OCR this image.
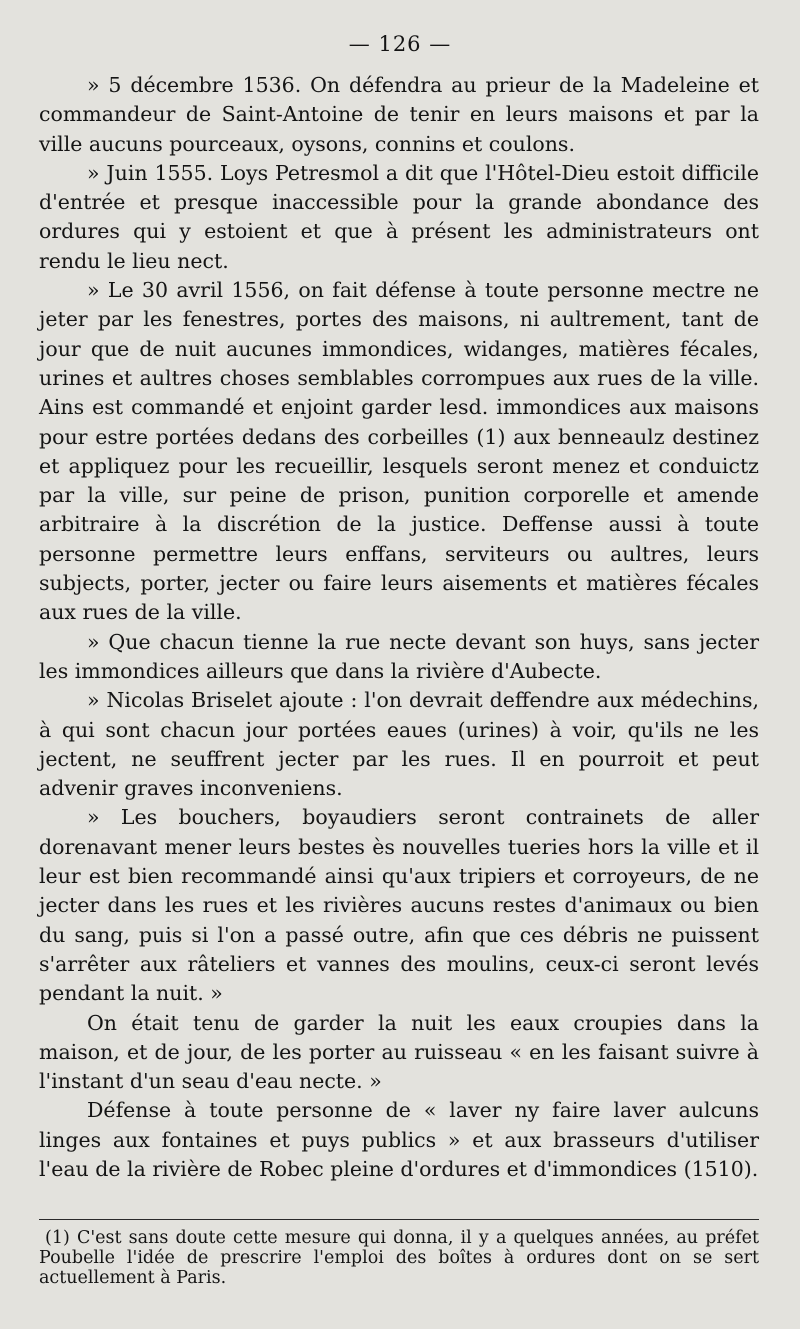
— 126 —

» 5 décembre 1536. On défendra au prieur de la Madeleine et commandeur de Saint-Antoine de tenir en leurs maisons et par la ville aucuns pourceaux, oysons, connins et coulons.

» Juin 1555. Loys Petresmol a dit que l'Hôtel-Dieu estoit difficile d'entrée et presque inaccessible pour la grande abondance des ordures qui y estoient et que à présent les administrateurs ont rendu le lieu nect.

» Le 30 avril 1556, on fait défense à toute personne mectre ne jeter par les fenestres, portes des maisons, ni aultrement, tant de jour que de nuit aucunes immondices, widanges, matières fécales, urines et aultres choses semblables corrompues aux rues de la ville. Ains est commandé et enjoint garder lesd. immondices aux maisons pour estre portées dedans des corbeilles (1) aux benneaulz destinez et appliquez pour les recueillir, lesquels seront menez et conduictz par la ville, sur peine de prison, punition corporelle et amende arbitraire à la discrétion de la justice. Deffense aussi à toute personne permettre leurs enffans, serviteurs ou aultres, leurs subjects, porter, jecter ou faire leurs aisements et matières fécales aux rues de la ville.

» Que chacun tienne la rue necte devant son huys, sans jecter les immondices ailleurs que dans la rivière d'Aubecte.

» Nicolas Briselet ajoute : l'on devrait deffendre aux médechins, à qui sont chacun jour portées eaues (urines) à voir, qu'ils ne les jectent, ne seuffrent jecter par les rues. Il en pourroit et peut advenir graves inconveniens.

» Les bouchers, boyaudiers seront contrainets de aller dorenavant mener leurs bestes ès nouvelles tueries hors la ville et il leur est bien recommandé ainsi qu'aux tripiers et corroyeurs, de ne jecter dans les rues et les rivières aucuns restes d'animaux ou bien du sang, puis si l'on a passé outre, afin que ces débris ne puissent s'arrêter aux râteliers et vannes des moulins, ceux-ci seront levés pendant la nuit. »

On était tenu de garder la nuit les eaux croupies dans la maison, et de jour, de les porter au ruisseau « en les faisant suivre à l'instant d'un seau d'eau necte. »

Défense à toute personne de « laver ny faire laver aulcuns linges aux fontaines et puys publics » et aux brasseurs d'utiliser l'eau de la rivière de Robec pleine d'ordures et d'immondices (1510).

(1) C'est sans doute cette mesure qui donna, il y a quelques années, au préfet Poubelle l'idée de prescrire l'emploi des boîtes à ordures dont on se sert actuellement à Paris.
